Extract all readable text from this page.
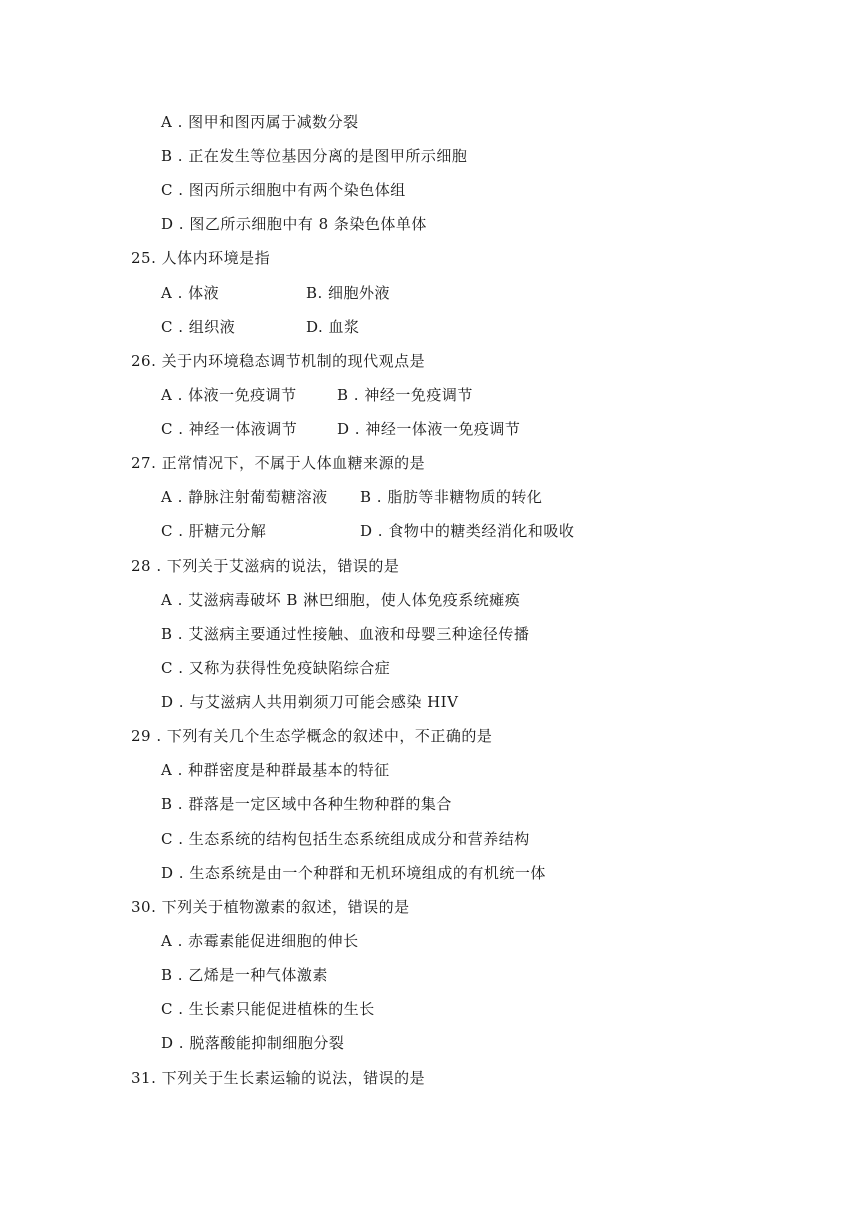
A . 图甲和图丙属于减数分裂
B . 正在发生等位基因分离的是图甲所示细胞
C . 图丙所示细胞中有两个染色体组
D . 图乙所示细胞中有 8 条染色体单体
25. 人体内环境是指
A . 体液	B. 细胞外液
C . 组织液	D. 血浆
26. 关于内环境稳态调节机制的现代观点是
A . 体液一免疫调节	B . 神经一免疫调节
C . 神经一体液调节	D . 神经一体液一免疫调节
27. 正常情况下，不属于人体血糖来源的是
A . 静脉注射葡萄糖溶液 B . 脂肪等非糖物质的转化
C . 肝糖元分解	D . 食物中的糖类经消化和吸收
28 . 下列关于艾滋病的说法，错误的是
A . 艾滋病毒破坏 B 淋巴细胞，使人体免疫系统瘫痪
B . 艾滋病主要通过性接触、血液和母婴三种途径传播
C . 又称为获得性免疫缺陷综合症
D . 与艾滋病人共用剃须刀可能会感染 HIV
29 . 下列有关几个生态学概念的叙述中，不正确的是
A . 种群密度是种群最基本的特征
B . 群落是一定区域中各种生物种群的集合
C . 生态系统的结构包括生态系统组成成分和营养结构
D . 生态系统是由一个种群和无机环境组成的有机统一体
30. 下列关于植物激素的叙述，错误的是
A . 赤霉素能促进细胞的伸长
B . 乙烯是一种气体激素
C . 生长素只能促进植株的生长
D . 脱落酸能抑制细胞分裂
31. 下列关于生长素运输的说法，错误的是
